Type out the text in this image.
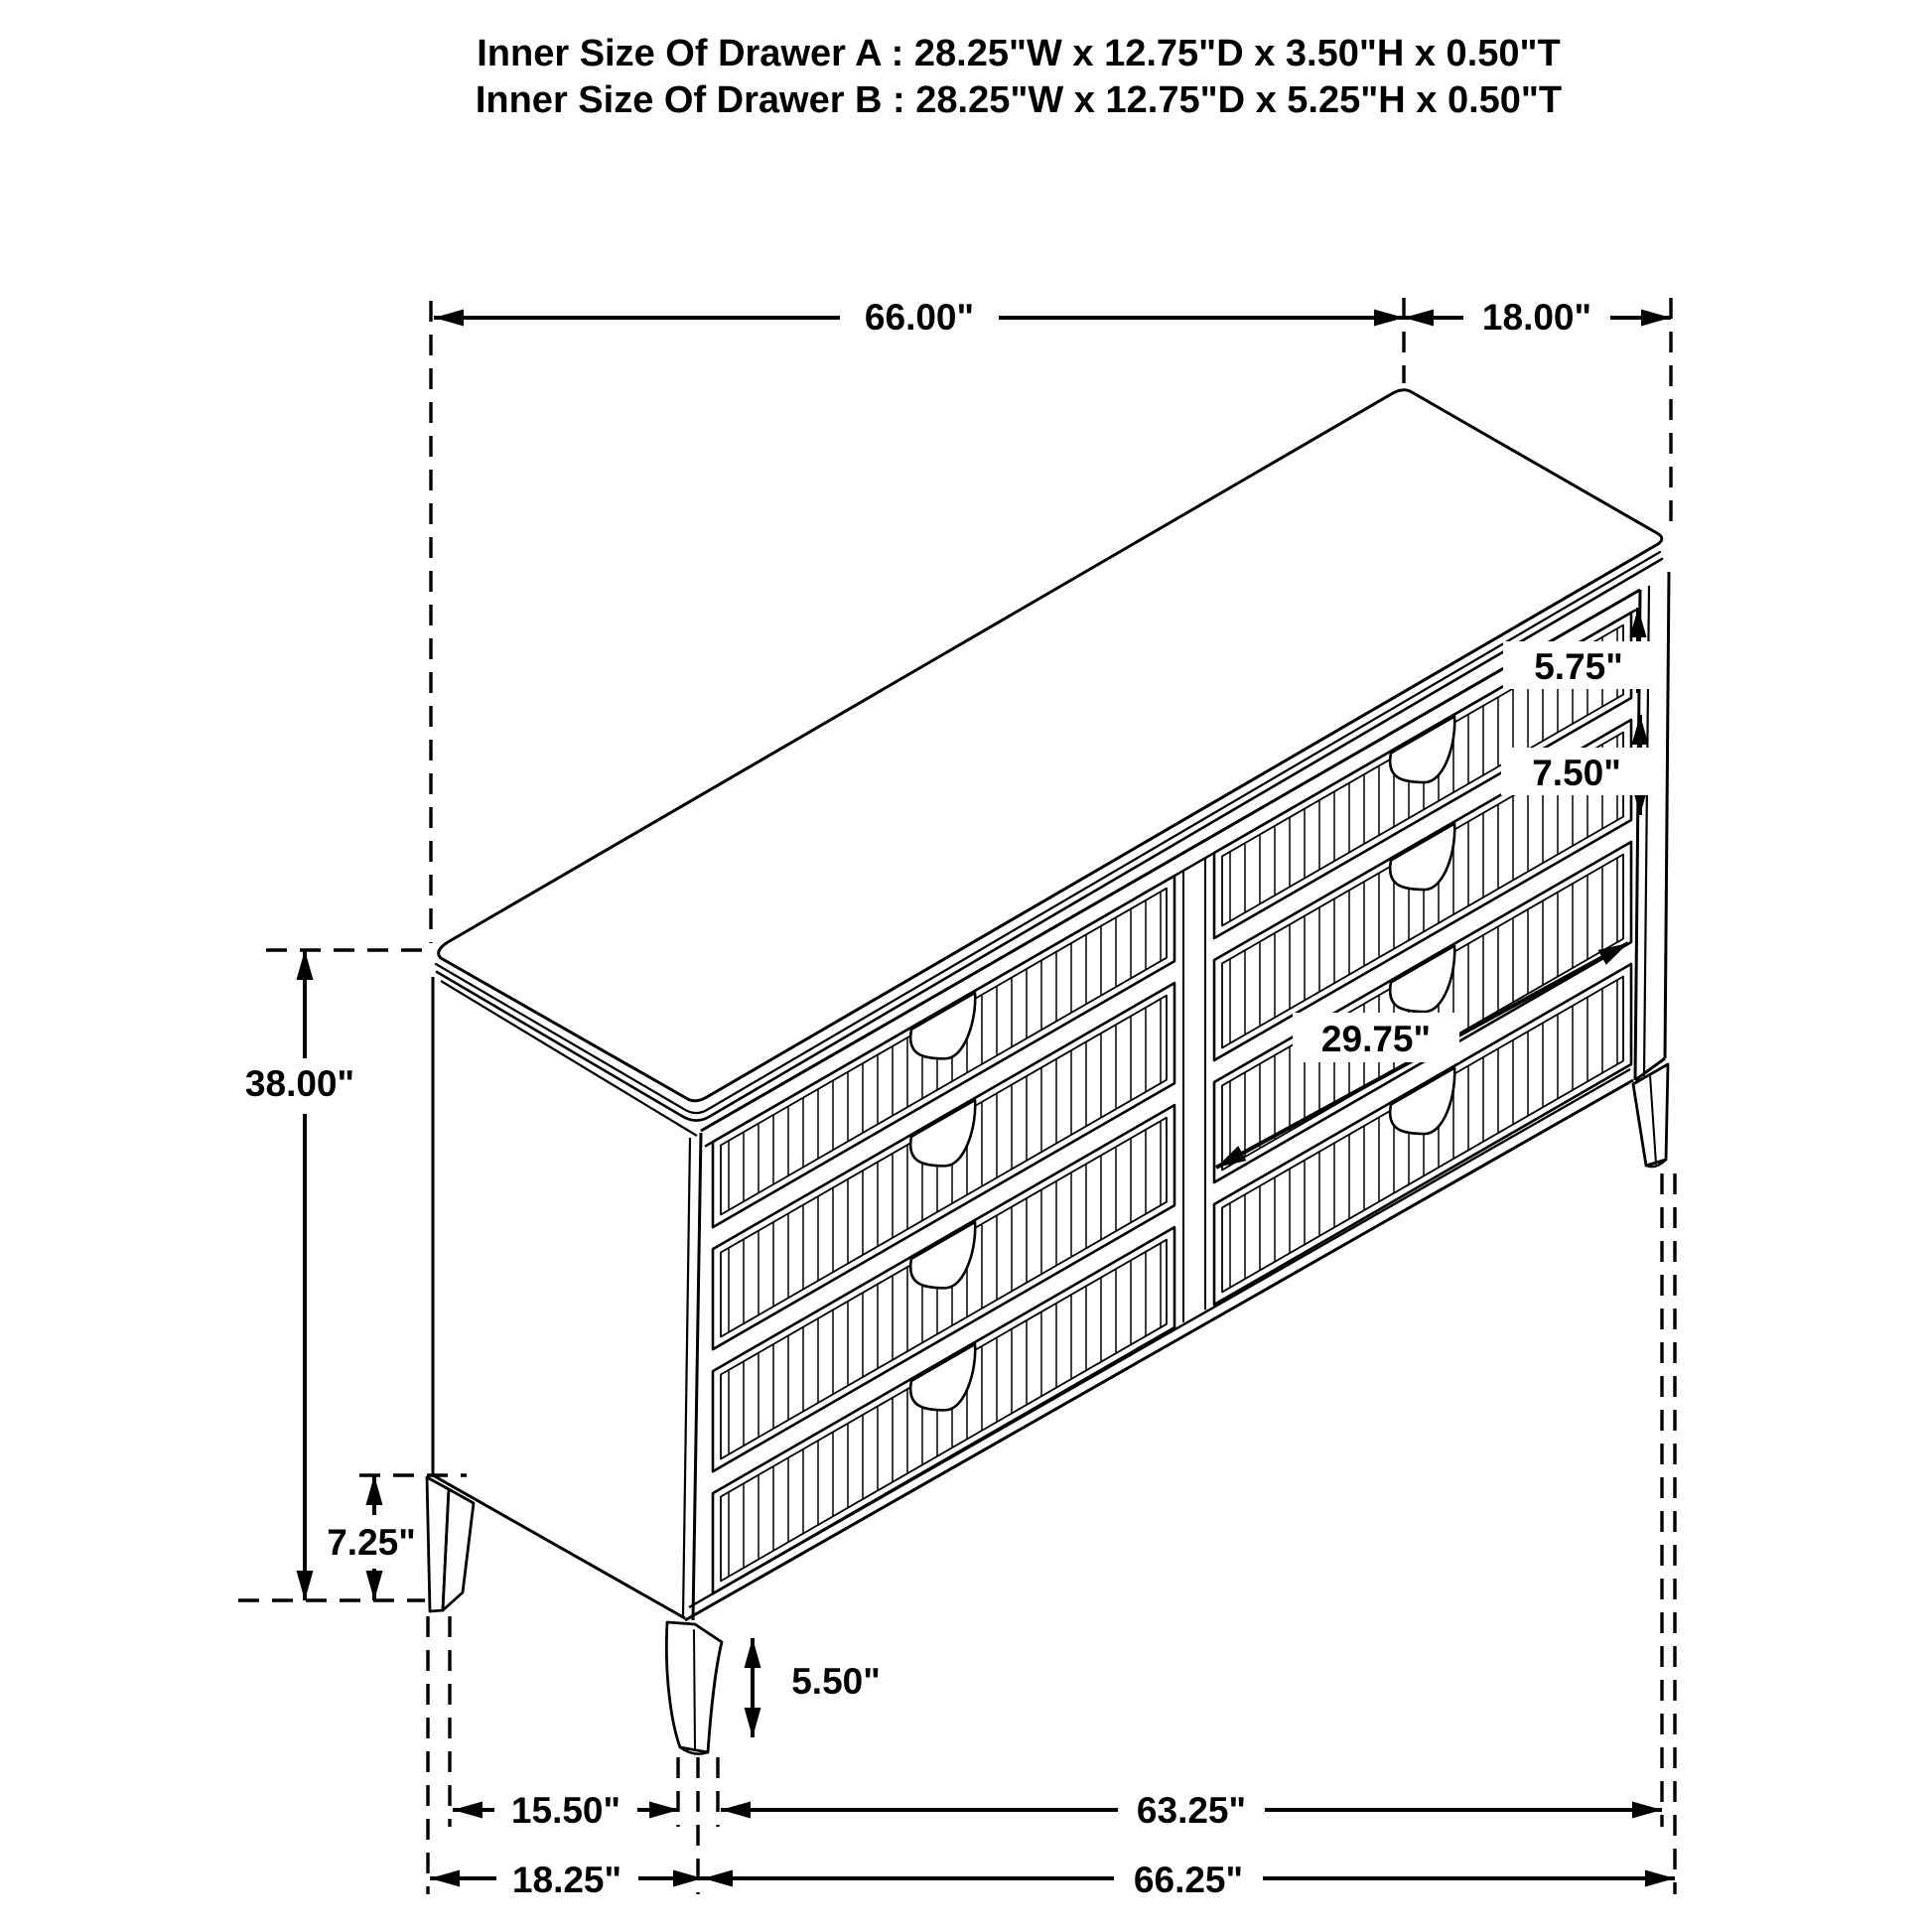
Inner Size Of Drawer A : 28.25"W x 12.75"D x 3.50"H x 0.50"T
Inner Size Of Drawer B : 28.25"W x 12.75"D x 5.25"H x 0.50"T
66.00"	18.00"
5.75"
7.50"
29.75"
38.00"
7.25"
5.50"
15.50"	63.25"
18.25"	66.25"
